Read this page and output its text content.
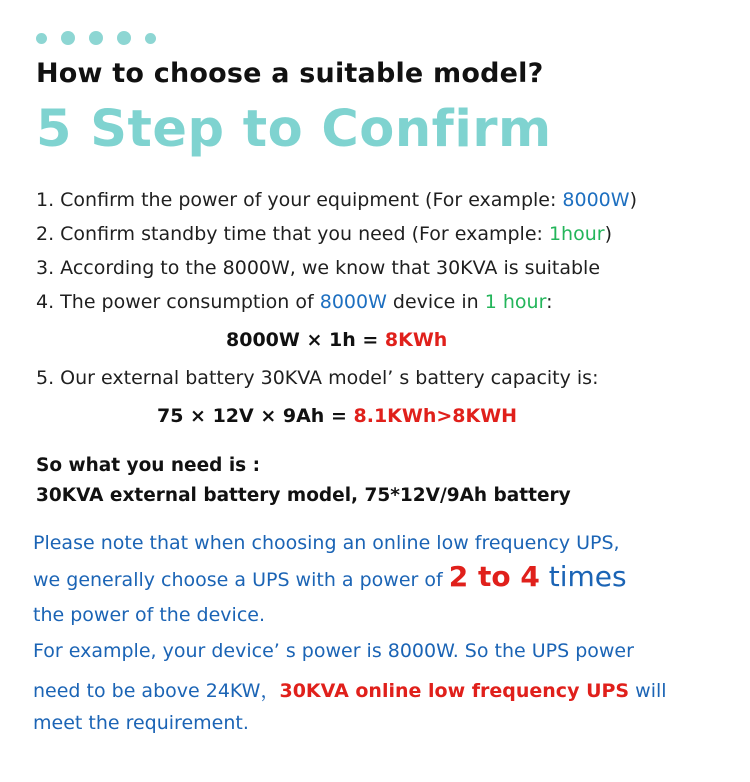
How to choose a suitable model?
5 Step to Confirm
1. Confirm the power of your equipment (For example: 8000W)
2. Confirm standby time that you need (For example: 1hour)
3. According to the 8000W, we know that 30KVA is suitable
4. The power consumption of 8000W device in 1 hour:
8000W × 1h = 8KWh
5. Our external battery 30KVA model’ s battery capacity is:
75 × 12V × 9Ah = 8.1KWh>8KWH
So what you need is :
30KVA external battery model, 75*12V/9Ah battery
Please note that when choosing an online low frequency UPS,
we generally choose a UPS with a power of 2 to 4 times
the power of the device.
For example, your device’ s power is 8000W. So the UPS power
need to be above 24KW，30KVA online low frequency UPS will
meet the requirement.
